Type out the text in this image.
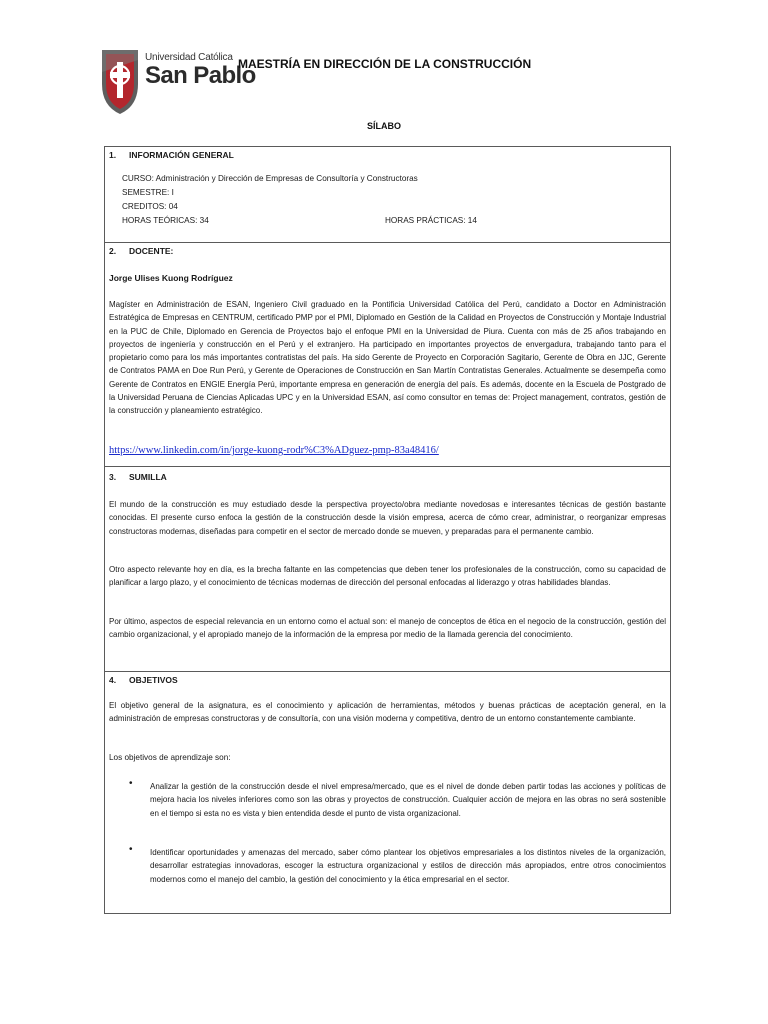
Universidad Católica
San Pablo
MAESTRÍA EN DIRECCIÓN DE LA CONSTRUCCIÓN
SÍLABO
1. INFORMACIÓN GENERAL
CURSO: Administración y Dirección de Empresas de Consultoría y Constructoras
SEMESTRE: I
CREDITOS: 04
HORAS TEÓRICAS: 34	HORAS PRÁCTICAS: 14
2. DOCENTE:
Jorge Ulises Kuong Rodríguez
Magíster en Administración de ESAN, Ingeniero Civil graduado en la Pontificia Universidad Católica del Perú, candidato a Doctor en Administración Estratégica de Empresas en CENTRUM, certificado PMP por el PMI, Diplomado en Gestión de la Calidad en Proyectos de Construcción y Montaje Industrial en la PUC de Chile, Diplomado en Gerencia de Proyectos bajo el enfoque PMI en la Universidad de Piura. Cuenta con más de 25 años trabajando en proyectos de ingeniería y construcción en el Perú y el extranjero. Ha participado en importantes proyectos de envergadura, trabajando tanto para el propietario como para los más importantes contratistas del país. Ha sido Gerente de Proyecto en Corporación Sagitario, Gerente de Obra en JJC, Gerente de Contratos PAMA en Doe Run Perú, y Gerente de Operaciones de Construcción en San Martín Contratistas Generales. Actualmente se desempeña como Gerente de Contratos en ENGIE Energía Perú, importante empresa en generación de energía del país. Es además, docente en la Escuela de Postgrado de la Universidad Peruana de Ciencias Aplicadas UPC y en la Universidad ESAN, así como consultor en temas de: Project management, contratos, gestión de la construcción y planeamiento estratégico.
https://www.linkedin.com/in/jorge-kuong-rodr%C3%ADguez-pmp-83a48416/
3. SUMILLA
El mundo de la construcción es muy estudiado desde la perspectiva proyecto/obra mediante novedosas e interesantes técnicas de gestión bastante conocidas. El presente curso enfoca la gestión de la construcción desde la visión empresa, acerca de cómo crear, administrar, o reorganizar empresas constructoras modernas, diseñadas para competir en el sector de mercado donde se mueven, y preparadas para el permanente cambio.
Otro aspecto relevante hoy en día, es la brecha faltante en las competencias que deben tener los profesionales de la construcción, como su capacidad de planificar a largo plazo, y el conocimiento de técnicas modernas de dirección del personal enfocadas al liderazgo y otras habilidades blandas.
Por último, aspectos de especial relevancia en un entorno como el actual son: el manejo de conceptos de ética en el negocio de la construcción, gestión del cambio organizacional, y el apropiado manejo de la información de la empresa por medio de la llamada gerencia del conocimiento.
4. OBJETIVOS
El objetivo general de la asignatura, es el conocimiento y aplicación de herramientas, métodos y buenas prácticas de aceptación general, en la administración de empresas constructoras y de consultoría, con una visión moderna y competitiva, dentro de un entorno constantemente cambiante.
Los objetivos de aprendizaje son:
• Analizar la gestión de la construcción desde el nivel empresa/mercado, que es el nivel de donde deben partir todas las acciones y políticas de mejora hacia los niveles inferiores como son las obras y proyectos de construcción. Cualquier acción de mejora en las obras no será sostenible en el tiempo si esta no es vista y bien entendida desde el punto de vista organizacional.
• Identificar oportunidades y amenazas del mercado, saber cómo plantear los objetivos empresariales a los distintos niveles de la organización, desarrollar estrategias innovadoras, escoger la estructura organizacional y estilos de dirección más apropiados, entre otros conocimientos modernos como el manejo del cambio, la gestión del conocimiento y la ética empresarial en el sector.
